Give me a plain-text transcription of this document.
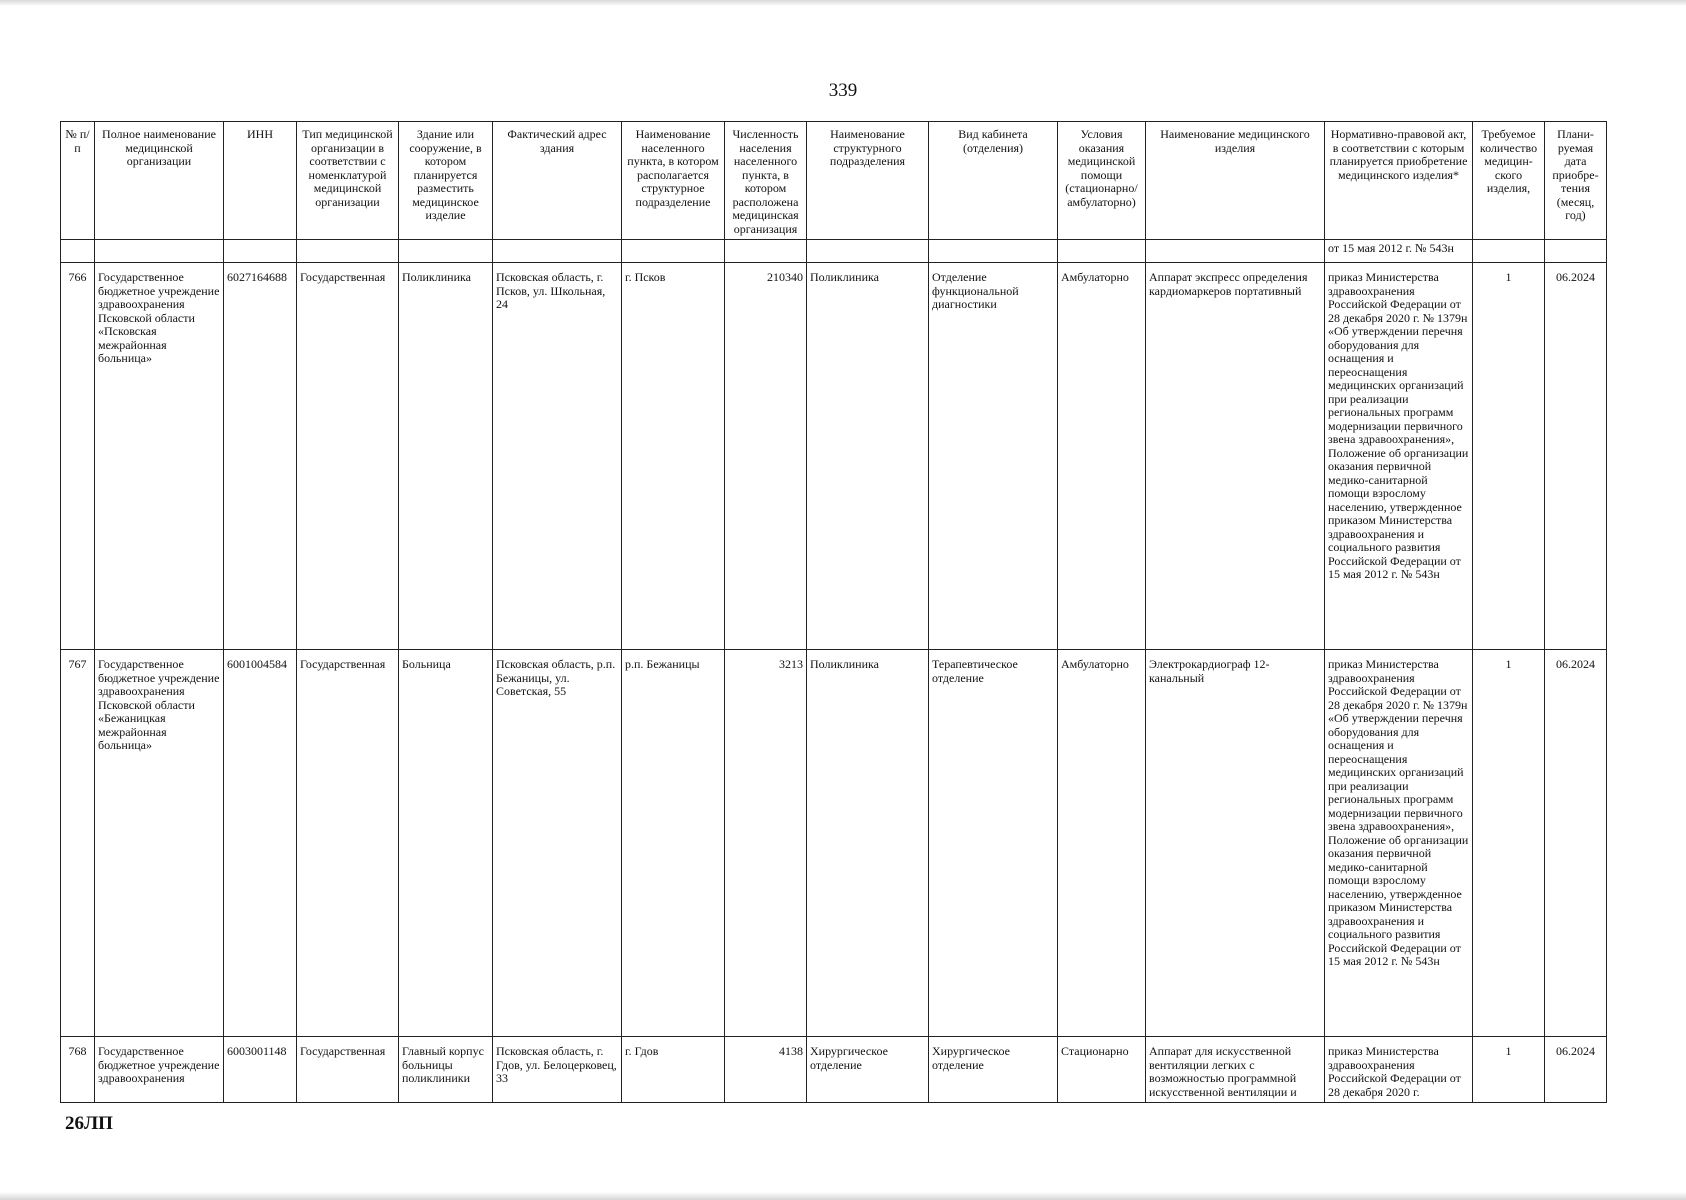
339
№ п/п	Полное наименование медицинской организации	ИНН	Тип медицинской организации в соответствии с номенклатурой медицинской организации	Здание или сооружение, в котором планируется разместить медицинское изделие	Фактический адрес здания	Наименование населенного пункта, в котором располагается структурное подразделение	Численность населения населенного пункта, в котором расположена медицинская организация	Наименование структурного подразделения	Вид кабинета (отделения)	Условия оказания медицинской помощи (стационарно/ амбулаторно)	Наименование медицинского изделия	Нормативно-правовой акт, в соответствии с которым планируется приобретение медицинского изделия*	Требуемое количество медицин-ского изделия,	Плани-руемая дата приобре-тения (месяц, год)
												от 15 мая 2012 г. № 543н		
766	Государственное бюджетное учреждение здравоохранения Псковской области «Псковская межрайонная больница»	6027164688	Государственная	Поликлиника	Псковская область, г. Псков, ул. Школьная, 24	г. Псков	210340	Поликлиника	Отделение функциональной диагностики	Амбулаторно	Аппарат экспресс определения кардиомаркеров портативный	приказ Министерства здравоохранения Российской Федерации от 28 декабря 2020 г. № 1379н «Об утверждении перечня оборудования для оснащения и переоснащения медицинских организаций при реализации региональных программ модернизации первичного звена здравоохранения», Положение об организации оказания первичной медико-санитарной помощи взрослому населению, утвержденное приказом Министерства здравоохранения и социального развития Российской Федерации от 15 мая 2012 г. № 543н	1	06.2024
767	Государственное бюджетное учреждение здравоохранения Псковской области «Бежаницкая межрайонная больница»	6001004584	Государственная	Больница	Псковская область, р.п. Бежаницы, ул. Советская, 55	р.п. Бежаницы	3213	Поликлиника	Терапевтическое отделение	Амбулаторно	Электрокардиограф 12-канальный	приказ Министерства здравоохранения Российской Федерации от 28 декабря 2020 г. № 1379н «Об утверждении перечня оборудования для оснащения и переоснащения медицинских организаций при реализации региональных программ модернизации первичного звена здравоохранения», Положение об организации оказания первичной медико-санитарной помощи взрослому населению, утвержденное приказом Министерства здравоохранения и социального развития Российской Федерации от 15 мая 2012 г. № 543н	1	06.2024
768	Государственное бюджетное учреждение здравоохранения	6003001148	Государственная	Главный корпус больницы поликлиники	Псковская область, г. Гдов, ул. Белоцерковец, 33	г. Гдов	4138	Хирургическое отделение	Хирургическое отделение	Стационарно	Аппарат для искусственной вентиляции легких с возможностью программной искусственной вентиляции и	приказ Министерства здравоохранения Российской Федерации от 28 декабря 2020 г.	1	06.2024
26ЛП
